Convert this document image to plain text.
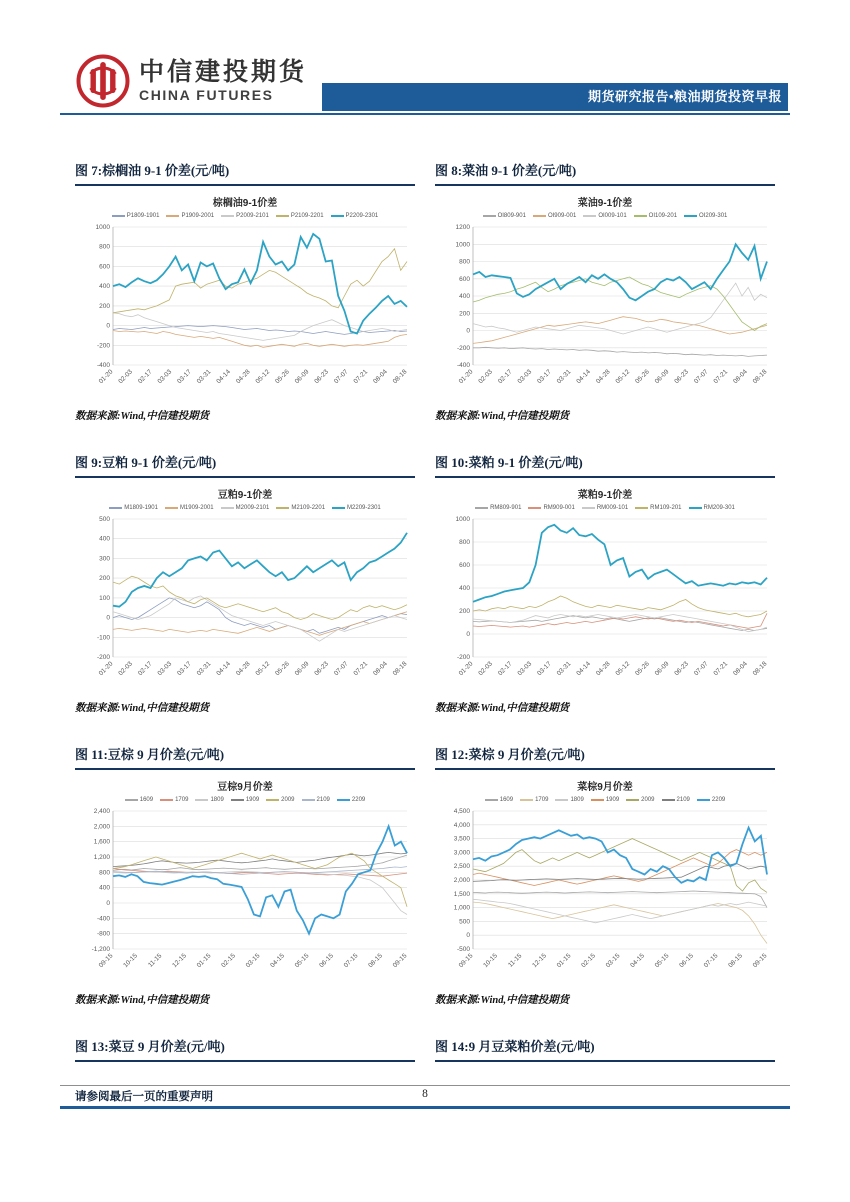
中信建投期货
CHINA FUTURES	期货研究报告•粮油期货投资早报
图 7:棕榈油 9-1 价差(元/吨)
棕榈油9-1价差
P1809-1901	P1909-2001	P2009-2101	P2109-2201	P2209-2301
1000
800
600
400
200
0
-200
-400
01-20 02-03 02-17 03-03 03-17 03-31 04-14 04-28 05-12 05-26 06-09 06-23 07-07 07-21 08-04 08-18
数据来源:Wind,中信建投期货
图 8:菜油 9-1 价差(元/吨)
菜油9-1价差
OI809-901	OI909-001	OI009-101	OI109-201	OI209-301
1200
1000
800
600
400
200
0
-200
-400
01-20 02-03 02-17 03-03 03-17 03-31 04-14 04-28 05-12 05-26 06-09 06-23 07-07 07-21 08-04 08-18
数据来源:Wind,中信建投期货
图 9:豆粕 9-1 价差(元/吨)
豆粕9-1价差
M1809-1901	M1909-2001	M2009-2101	M2109-2201	M2209-2301
500
400
300
200
100
0
-100
-200
01-20 02-03 02-17 03-03 03-17 03-31 04-14 04-28 05-12 05-26 06-09 06-23 07-07 07-21 08-04 08-18
数据来源:Wind,中信建投期货
图 10:菜粕 9-1 价差(元/吨)
菜粕9-1价差
RM809-901	RM909-001	RM009-101	RM109-201	RM209-301
1000
800
600
400
200
0
-200
01-20 02-03 02-17 03-03 03-17 03-31 04-14 04-28 05-12 05-26 06-09 06-23 07-07 07-21 08-04 08-18
数据来源:Wind,中信建投期货
图 11:豆棕 9 月价差(元/吨)
豆棕9月价差
1609	1709	1809	1909	2009	2109	2209
2,400
2,000
1,600
1,200
800
400
0
-400
-800
-1,200
09-15 10-15 11-15 12-15 01-15 02-15 03-15 04-15 05-15 06-15 07-15 08-15 09-15
数据来源:Wind,中信建投期货
图 12:菜棕 9 月价差(元/吨)
菜棕9月价差
1609	1709	1809	1909	2009	2109	2209
4,500
4,000
3,500
3,000
2,500
2,000
1,500
1,000
500
0
-500
09-15 10-15 11-15 12-15 01-15 02-15 03-15 04-15 05-15 06-15 07-15 08-15 09-15
数据来源:Wind,中信建投期货
图 13:菜豆 9 月价差(元/吨)	图 14:9 月豆菜粕价差(元/吨)
请参阅最后一页的重要声明	8
